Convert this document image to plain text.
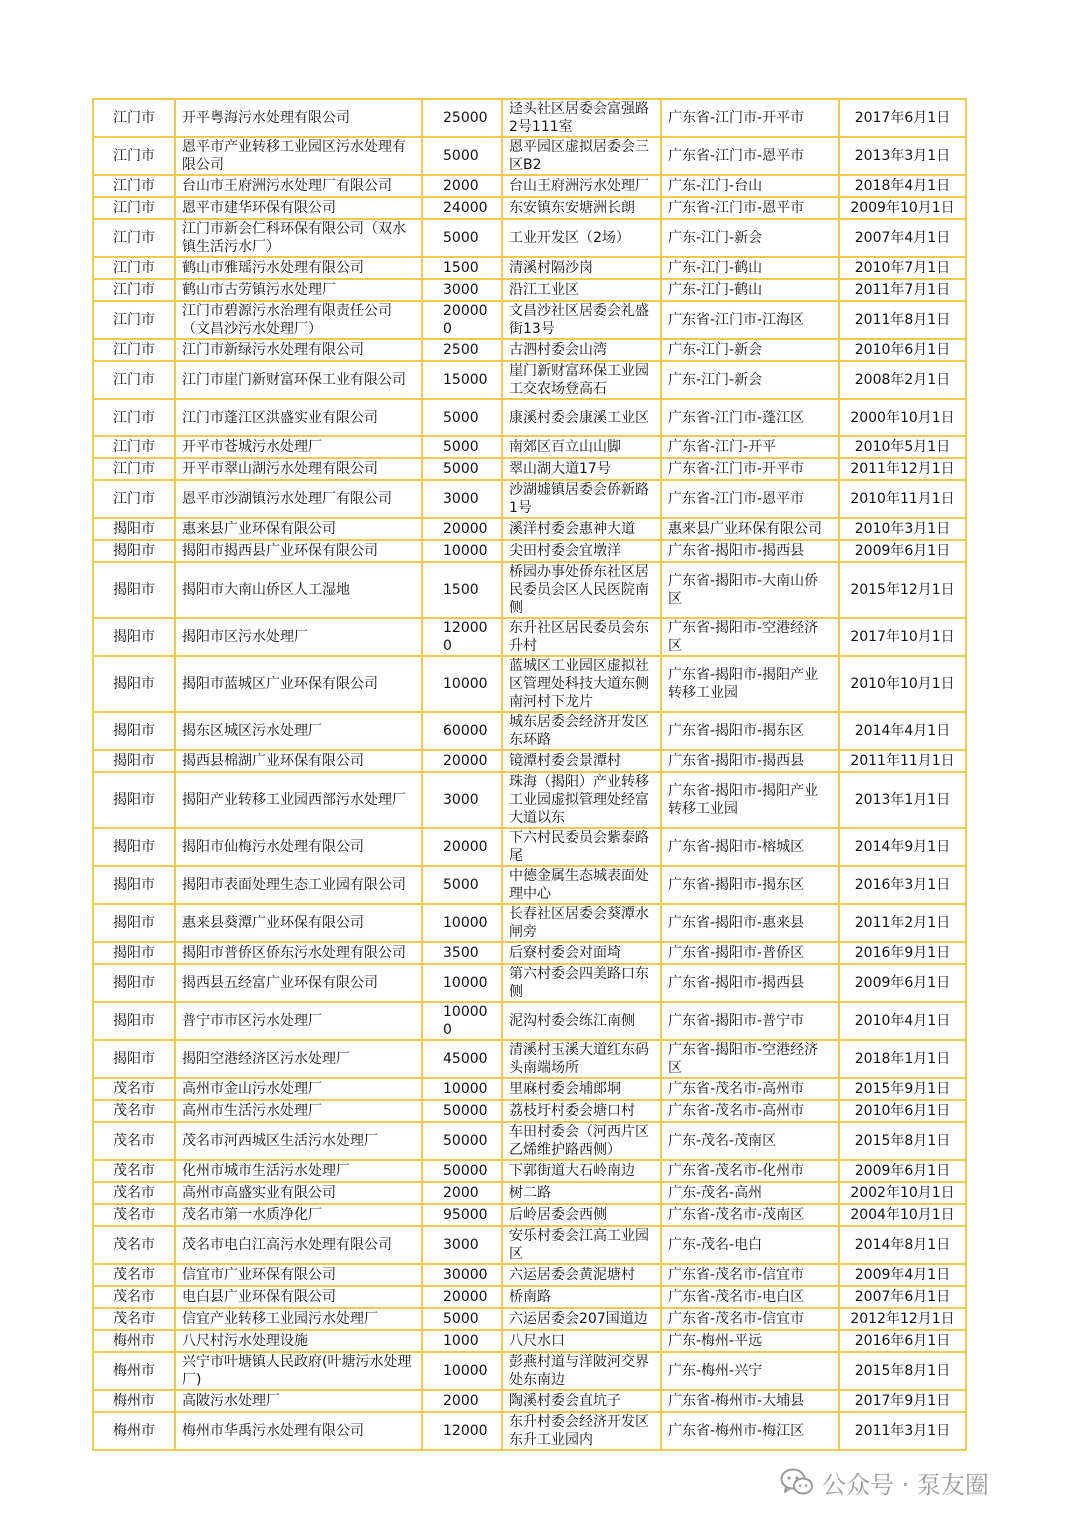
江门市	开平粤海污水处理有限公司	25000	迳头社区居委会富强路2号111室	广东省-江门市-开平市	2017年6月1日
江门市	恩平市产业转移工业园区污水处理有限公司	5000	恩平园区虚拟居委会三区B2	广东省-江门市-恩平市	2013年3月1日
江门市	台山市王府洲污水处理厂有限公司	2000	台山王府洲污水处理厂	广东-江门-台山	2018年4月1日
江门市	恩平市建华环保有限公司	24000	东安镇东安塘洲长朗	广东省-江门市-恩平市	2009年10月1日
江门市	江门市新会仁科环保有限公司（双水镇生活污水厂）	5000	工业开发区（2场）	广东-江门-新会	2007年4月1日
江门市	鹤山市雅瑶污水处理有限公司	1500	清溪村隔沙岗	广东-江门-鹤山	2010年7月1日
江门市	鹤山市古劳镇污水处理厂	3000	沿江工业区	广东-江门-鹤山	2011年7月1日
江门市	江门市碧源污水治理有限责任公司（文昌沙污水处理厂）	200000	文昌沙社区居委会礼盛街13号	广东省-江门市-江海区	2011年8月1日
江门市	江门市新绿污水处理有限公司	2500	古泗村委会山湾	广东-江门-新会	2010年6月1日
江门市	江门市崖门新财富环保工业有限公司	15000	崖门新财富环保工业园工交农场登高石	广东-江门-新会	2008年2月1日
江门市	江门市蓬江区洪盛实业有限公司	5000	康溪村委会康溪工业区	广东省-江门市-蓬江区	2000年10月1日
江门市	开平市苍城污水处理厂	5000	南郊区百立山山脚	广东省-江门-开平	2010年5月1日
江门市	开平市翠山湖污水处理有限公司	5000	翠山湖大道17号	广东省-江门市-开平市	2011年12月1日
江门市	恩平市沙湖镇污水处理厂有限公司	3000	沙湖墟镇居委会侨新路1号	广东省-江门市-恩平市	2010年11月1日
揭阳市	惠来县广业环保有限公司	20000	溪洋村委会惠神大道	惠来县广业环保有限公司	2010年3月1日
揭阳市	揭阳市揭西县广业环保有限公司	10000	尖田村委会宜墩洋	广东省-揭阳市-揭西县	2009年6月1日
揭阳市	揭阳市大南山侨区人工湿地	1500	桥园办事处侨东社区居民委员会区人民医院南侧	广东省-揭阳市-大南山侨区	2015年12月1日
揭阳市	揭阳市区污水处理厂	120000	东升社区居民委员会东升村	广东省-揭阳市-空港经济区	2017年10月1日
揭阳市	揭阳市蓝城区广业环保有限公司	10000	蓝城区工业园区虚拟社区管理处科技大道东侧南河村下龙片	广东省-揭阳市-揭阳产业转移工业园	2010年10月1日
揭阳市	揭东区城区污水处理厂	60000	城东居委会经济开发区东环路	广东省-揭阳市-揭东区	2014年4月1日
揭阳市	揭西县棉湖广业环保有限公司	20000	镜潭村委会景潭村	广东省-揭阳市-揭西县	2011年11月1日
揭阳市	揭阳产业转移工业园西部污水处理厂	3000	珠海（揭阳）产业转移工业园虚拟管理处经富大道以东	广东省-揭阳市-揭阳产业转移工业园	2013年1月1日
揭阳市	揭阳市仙梅污水处理有限公司	20000	下六村民委员会紫泰路尾	广东省-揭阳市-榕城区	2014年9月1日
揭阳市	揭阳市表面处理生态工业园有限公司	5000	中德金属生态城表面处理中心	广东省-揭阳市-揭东区	2016年3月1日
揭阳市	惠来县葵潭广业环保有限公司	10000	长春社区居委会葵潭水闸旁	广东省-揭阳市-惠来县	2011年2月1日
揭阳市	揭阳市普侨区侨东污水处理有限公司	3500	后寮村委会对面埼	广东省-揭阳市-普侨区	2016年9月1日
揭阳市	揭西县五经富广业环保有限公司	10000	第六村委会四美路口东侧	广东省-揭阳市-揭西县	2009年6月1日
揭阳市	普宁市市区污水处理厂	100000	泥沟村委会练江南侧	广东省-揭阳市-普宁市	2010年4月1日
揭阳市	揭阳空港经济区污水处理厂	45000	清溪村玉溪大道红东码头南端场所	广东省-揭阳市-空港经济区	2018年1月1日
茂名市	高州市金山污水处理厂	10000	里麻村委会埔郎垌	广东省-茂名市-高州市	2015年9月1日
茂名市	高州市生活污水处理厂	50000	荔枝圩村委会塘口村	广东省-茂名市-高州市	2010年6月1日
茂名市	茂名市河西城区生活污水处理厂	50000	车田村委会（河西片区乙烯维护路西侧）	广东-茂名-茂南区	2015年8月1日
茂名市	化州市城市生活污水处理厂	50000	下郭街道大石岭南边	广东省-茂名市-化州市	2009年6月1日
茂名市	高州市高盛实业有限公司	2000	树二路	广东-茂名-高州	2002年10月1日
茂名市	茂名市第一水质净化厂	95000	后岭居委会西侧	广东省-茂名市-茂南区	2004年10月1日
茂名市	茂名市电白江高污水处理有限公司	3000	安乐村委会江高工业园区	广东-茂名-电白	2014年8月1日
茂名市	信宜市广业环保有限公司	30000	六运居委会黄泥塘村	广东省-茂名市-信宜市	2009年4月1日
茂名市	电白县广业环保有限公司	20000	桥南路	广东省-茂名市-电白区	2007年6月1日
茂名市	信宜产业转移工业园污水处理厂	5000	六运居委会207国道边	广东省-茂名市-信宜市	2012年12月1日
梅州市	八尺村污水处理设施	1000	八尺水口	广东-梅州-平远	2016年6月1日
梅州市	兴宁市叶塘镇人民政府(叶塘污水处理厂)	10000	彭燕村道与洋陂河交界处东南边	广东-梅州-兴宁	2015年8月1日
梅州市	高陂污水处理厂	2000	陶溪村委会直坑子	广东省-梅州市-大埔县	2017年9月1日
梅州市	梅州市华禹污水处理有限公司	12000	东升村委会经济开发区东升工业园内	广东省-梅州市-梅江区	2011年3月1日
公众号 · 泵友圈
